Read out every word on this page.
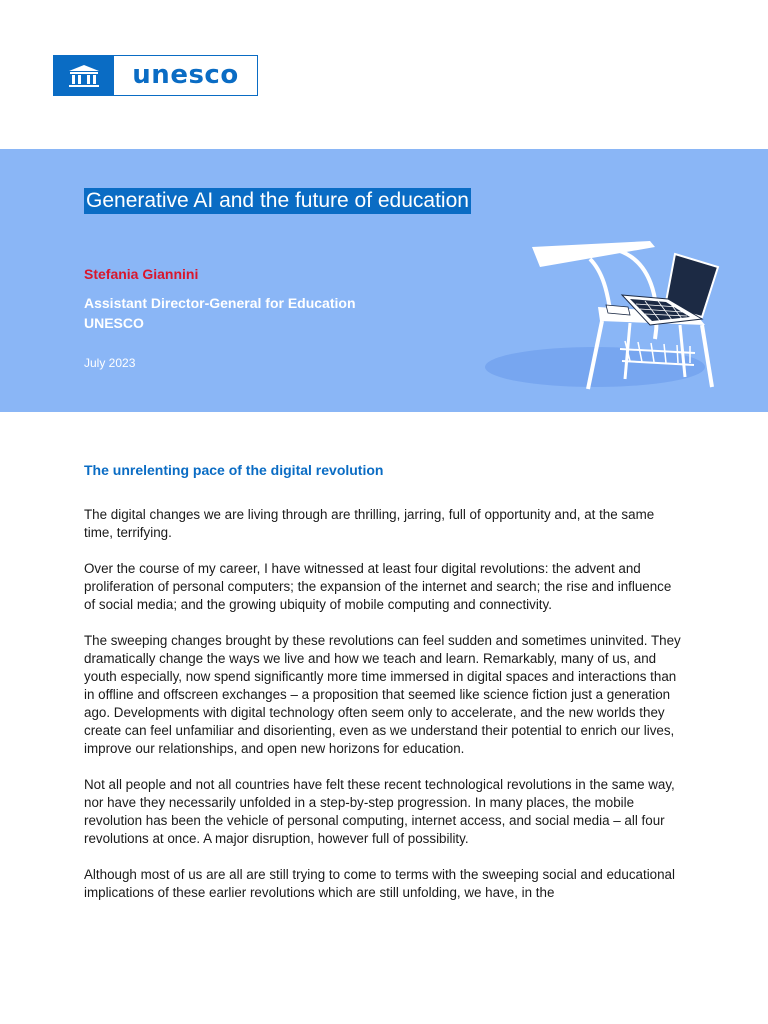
unesco
Generative AI and the future of education
Stefania Giannini
Assistant Director-General for Education
UNESCO
July 2023
The unrelenting pace of the digital revolution

The digital changes we are living through are thrilling, jarring, full of opportunity and, at the same time, terrifying.

Over the course of my career, I have witnessed at least four digital revolutions: the advent and proliferation of personal computers; the expansion of the internet and search; the rise and influence of social media; and the growing ubiquity of mobile computing and connectivity.

The sweeping changes brought by these revolutions can feel sudden and sometimes uninvited. They dramatically change the ways we live and how we teach and learn. Remarkably, many of us, and youth especially, now spend significantly more time immersed in digital spaces and interactions than in offline and offscreen exchanges – a proposition that seemed like science fiction just a generation ago. Developments with digital technology often seem only to accelerate, and the new worlds they create can feel unfamiliar and disorienting, even as we understand their potential to enrich our lives, improve our relationships, and open new horizons for education.

Not all people and not all countries have felt these recent technological revolutions in the same way, nor have they necessarily unfolded in a step-by-step progression. In many places, the mobile revolution has been the vehicle of personal computing, internet access, and social media – all four revolutions at once. A major disruption, however full of possibility.

Although most of us are all are still trying to come to terms with the sweeping social and educational implications of these earlier revolutions which are still unfolding, we have, in the
